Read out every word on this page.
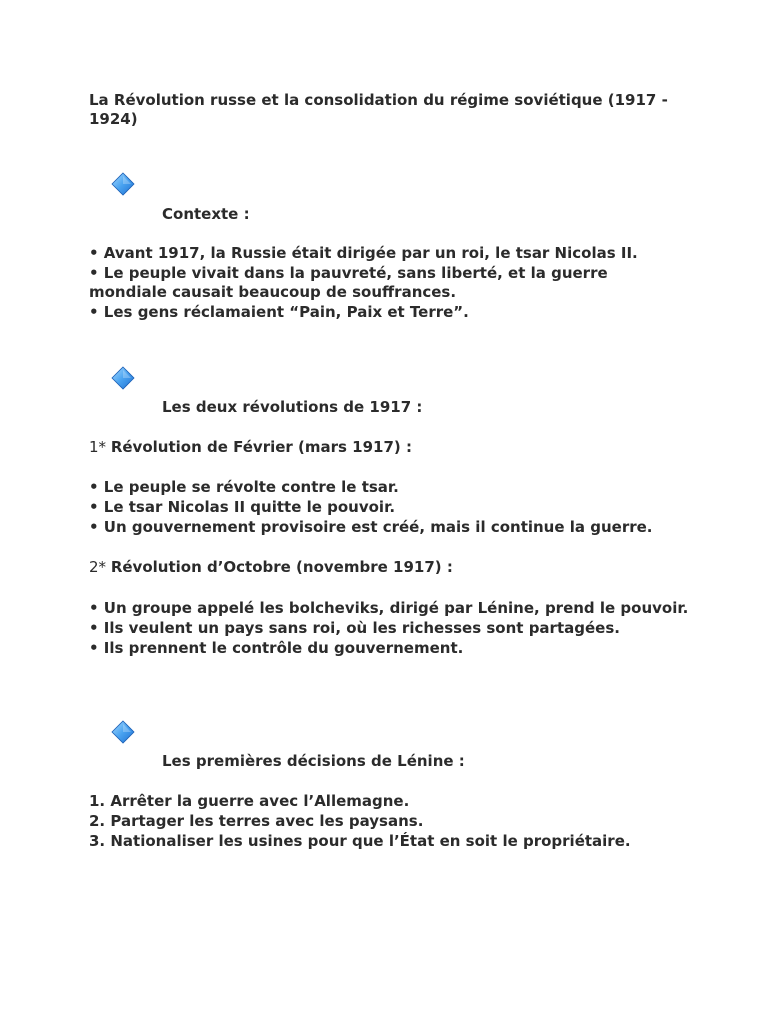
La Révolution russe et la consolidation du régime soviétique (1917 - 1924)
Contexte :
• Avant 1917, la Russie était dirigée par un roi, le tsar Nicolas II.
• Le peuple vivait dans la pauvreté, sans liberté, et la guerre mondiale causait beaucoup de souffrances.
• Les gens réclamaient “Pain, Paix et Terre”.
Les deux révolutions de 1917 :
1* Révolution de Février (mars 1917) :
• Le peuple se révolte contre le tsar.
• Le tsar Nicolas II quitte le pouvoir.
• Un gouvernement provisoire est créé, mais il continue la guerre.
2* Révolution d’Octobre (novembre 1917) :
• Un groupe appelé les bolcheviks, dirigé par Lénine, prend le pouvoir.
• Ils veulent un pays sans roi, où les richesses sont partagées.
• Ils prennent le contrôle du gouvernement.
Les premières décisions de Lénine :
1. Arrêter la guerre avec l’Allemagne.
2. Partager les terres avec les paysans.
3. Nationaliser les usines pour que l’État en soit le propriétaire.
